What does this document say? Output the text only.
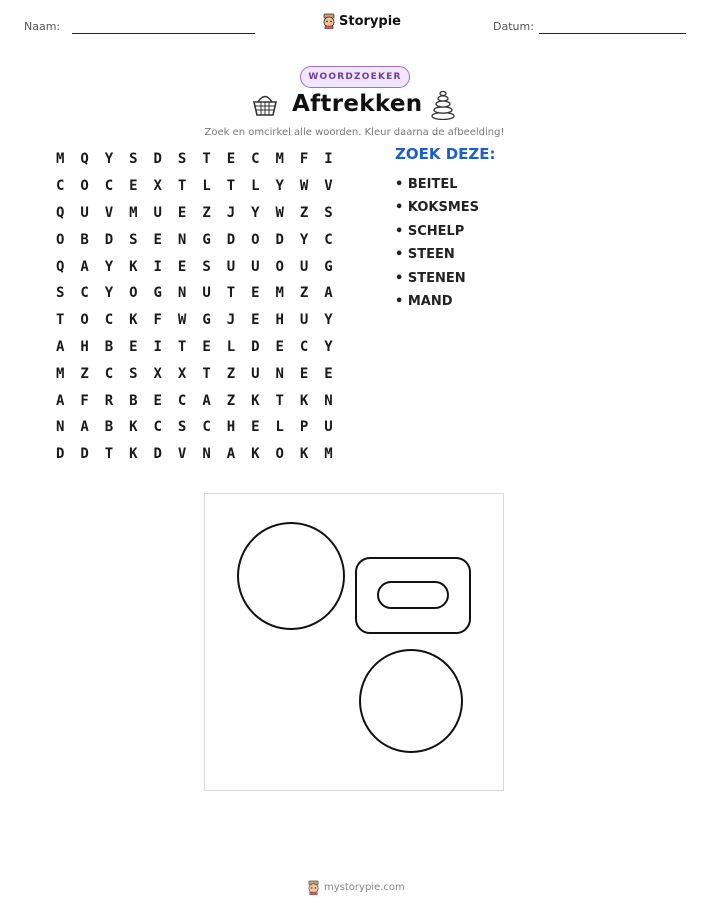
Naam:	Storypie	Datum:
WOORDZOEKER
Aftrekken
Zoek en omcirkel alle woorden. Kleur daarna de afbeelding!
M	Q	Y	S	D	S	T	E	C	M	F	I
C	O	C	E	X	T	L	T	L	Y	W	V
Q	U	V	M	U	E	Z	J	Y	W	Z	S
O	B	D	S	E	N	G	D	O	D	Y	C
Q	A	Y	K	I	E	S	U	U	O	U	G
S	C	Y	O	G	N	U	T	E	M	Z	A
T	O	C	K	F	W	G	J	E	H	U	Y
A	H	B	E	I	T	E	L	D	E	C	Y
M	Z	C	S	X	X	T	Z	U	N	E	E
A	F	R	B	E	C	A	Z	K	T	K	N
N	A	B	K	C	S	C	H	E	L	P	U
D	D	T	K	D	V	N	A	K	O	K	M
ZOEK DEZE:
• BEITEL
• KOKSMES
• SCHELP
• STEEN
• STENEN
• MAND
mystorypie.com
